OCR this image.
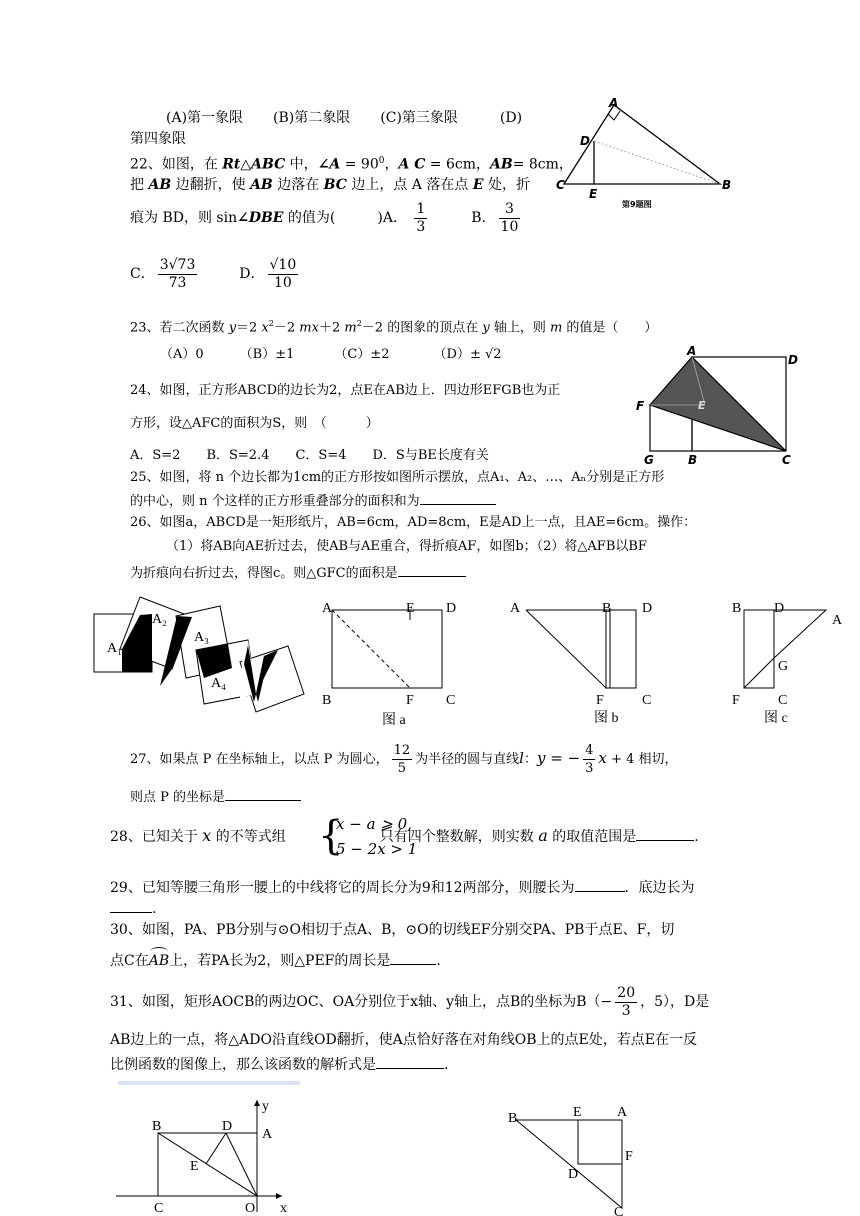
(A)第一象限 (B)第二象限 (C)第三象限	(D)
第四象限
A
B
C
D
E
第9题图
22、如图，在 Rt△ABC 中，∠A = $90^0$，A C = 6cm，AB= 8cm，
把 AB 边翻折，使 AB 边落在 BC 边上，点 A 落在点 E 处，折
痕为 BD，则 sin∠DBE 的值为(　　　)A． $\frac{1}{3}$	B． $\frac{3}{10}$
C． $\frac{3√73}{73}$	D． $\frac{√10}{10}$
23、若二次函数 y＝2 $x^2-2$ mx＋2 $m^2-2$ 的图象的顶点在 y 轴上，则 m 的值是（　　）
（A）0	（B）±1	（C）±2	（D）± √2
24、如图，正方形ABCD的边长为2，点E在AB边上．四边形EFGB也为正
方形，设△AFC的面积为S，则　（　　　）
A．S=2　　B．S=2.4　　C．S=4　　D．S与BE长度有关
A
D
F	E
G	B	C
25、如图，将 n 个边长都为1cm的正方形按如图所示摆放，点A₁、A₂、…、Aₙ分别是正方形
的中心，则 n 个这样的正方形重叠部分的面积和为
26、如图a，ABCD是一矩形纸片，AB=6cm，AD=8cm，E是AD上一点，且AE=6cm。操作：
（1）将AB向AE折过去，使AB与AE重合，得折痕AF，如图b；（2）将△AFB以BF
为折痕向右折过去，得图c。则△GFC的面积是
A₁
A₂
A₃
A₄
A	E D
B	F C
图 a
A	B D
F	C
图 b
B D
A
G
F	C
图 c
27、如果点 P 在坐标轴上，以点 P 为圆心， $\frac{12}{5}$ 为半径的圆与直线l：y = − $\frac{4}{3}$ x + 4 相切，
则点 P 的坐标是
28、已知关于 x 的不等式组	只有四个整数解，则实数 a 的取值范围是	.
{
x − a ⩾ 0,
5 − 2x > 1
29、已知等腰三角形一腰上的中线将它的周长分为9和12两部分，则腰长为	．底边长为
.
30、如图，PA、PB分别与⊙O相切于点A、B，⊙O的切线EF分别交PA、PB于点E、F，切
点C在
AB上，若PA长为2，则△PEF的周长是	.
31、如图，矩形AOCB的两边OC、OA分别位于x轴、y轴上，点B的坐标为$B(- \frac{20}{3}$ ，5），D是
AB边上的一点，将△ADO沿直线OD翻折，使A点恰好落在对角线OB上的点E处，若点E在一反
比例函数的图像上，那么该函数的解析式是	.
B	D
A
E
C	O x
y
B	E	A
F
D
C
